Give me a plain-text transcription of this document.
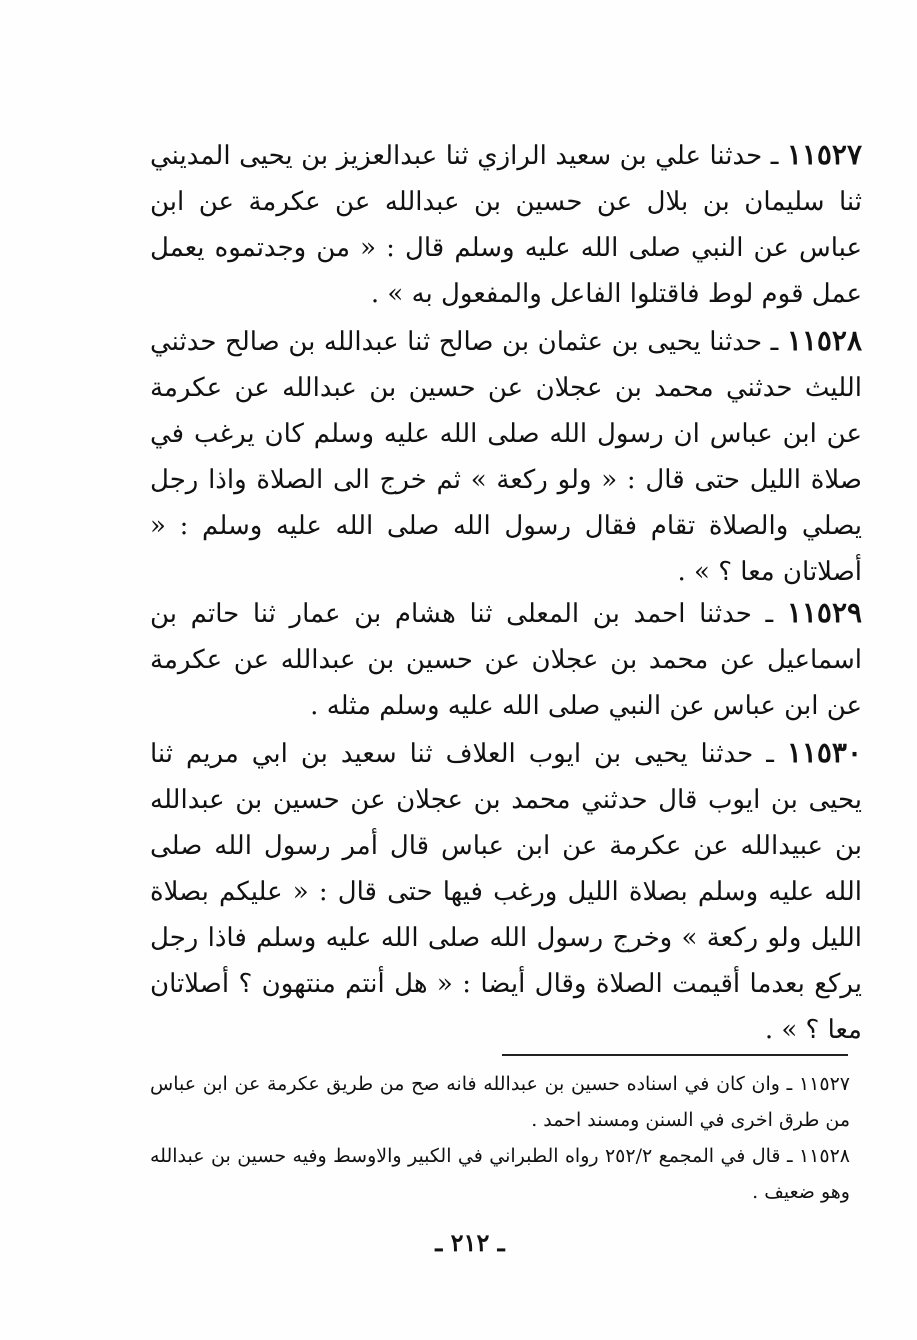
١١٥٢٧ ـ حدثنا علي بن سعيد الرازي ثنا عبدالعزيز بن يحيى المديني ثنا سليمان بن بلال عن حسين بن عبدالله عن عكرمة عن ابن عباس عن النبي صلى الله عليه وسلم قال : « من وجدتموه يعمل عمل قوم لوط فاقتلوا الفاعل والمفعول به » .

١١٥٢٨ ـ حدثنا يحيى بن عثمان بن صالح ثنا عبدالله بن صالح حدثني الليث حدثني محمد بن عجلان عن حسين بن عبدالله عن عكرمة عن ابن عباس ان رسول الله صلى الله عليه وسلم كان يرغب في صلاة الليل حتى قال : « ولو ركعة » ثم خرج الى الصلاة واذا رجل يصلي والصلاة تقام فقال رسول الله صلى الله عليه وسلم : « أصلاتان معا ؟ » .

١١٥٢٩ ـ حدثنا احمد بن المعلى ثنا هشام بن عمار ثنا حاتم بن اسماعيل عن محمد بن عجلان عن حسين بن عبدالله عن عكرمة عن ابن عباس عن النبي صلى الله عليه وسلم مثله .

١١٥٣٠ ـ حدثنا يحيى بن ايوب العلاف ثنا سعيد بن ابي مريم ثنا يحيى بن ايوب قال حدثني محمد بن عجلان عن حسين بن عبدالله بن عبيدالله عن عكرمة عن ابن عباس قال أمر رسول الله صلى الله عليه وسلم بصلاة الليل ورغب فيها حتى قال : « عليكم بصلاة الليل ولو ركعة » وخرج رسول الله صلى الله عليه وسلم فاذا رجل يركع بعدما أقيمت الصلاة وقال أيضا : « هل أنتم منتهون ؟ أصلاتان معا ؟ » .

١١٥٢٧ ـ وان كان في اسناده حسين بن عبدالله فانه صح من طريق عكرمة عن ابن عباس من طرق اخرى في السنن ومسند احمد .

١١٥٢٨ ـ قال في المجمع ٢٥٢/٢ رواه الطبراني في الكبير والاوسط وفيه حسين بن عبدالله وهو ضعيف .

ـ ٢١٢ ـ
